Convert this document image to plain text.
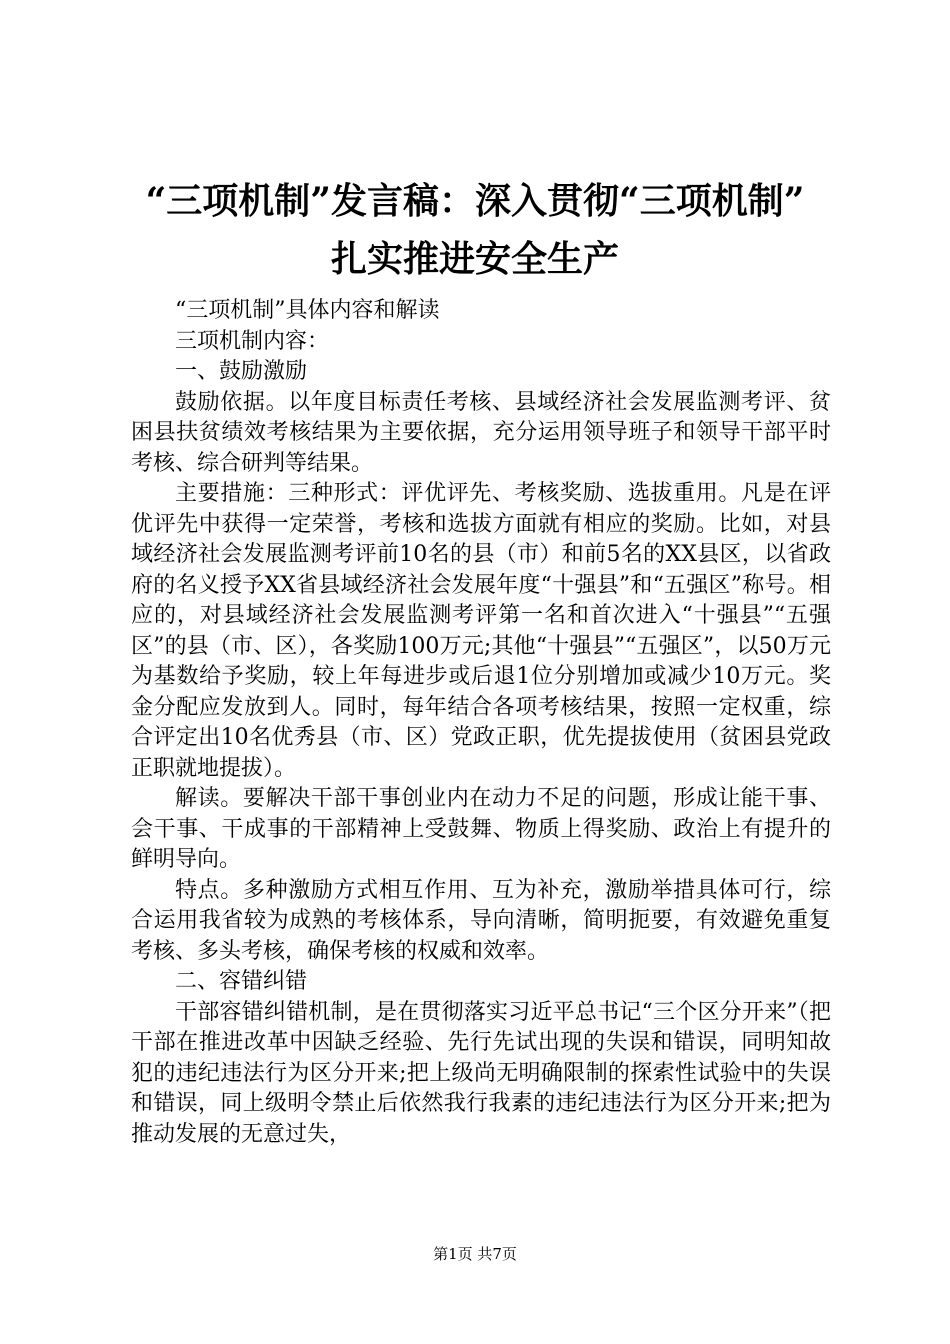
“三项机制”发言稿：深入贯彻“三项机制”
扎实推进安全生产

“三项机制”具体内容和解读

三项机制内容：

一、鼓励激励

鼓励依据。以年度目标责任考核、县域经济社会发展监测考评、贫困县扶贫绩效考核结果为主要依据，充分运用领导班子和领导干部平时考核、综合研判等结果。

主要措施：三种形式：评优评先、考核奖励、选拔重用。凡是在评优评先中获得一定荣誉，考核和选拔方面就有相应的奖励。比如，对县域经济社会发展监测考评前10名的县（市）和前5名的XX县区，以省政府的名义授予XX省县域经济社会发展年度“十强县”和“五强区”称号。相应的，对县域经济社会发展监测考评第一名和首次进入“十强县”“五强区”的县（市、区），各奖励100万元;其他“十强县”“五强区”，以50万元为基数给予奖励，较上年每进步或后退1位分别增加或减少10万元。奖金分配应发放到人。同时，每年结合各项考核结果，按照一定权重，综合评定出10名优秀县（市、区）党政正职，优先提拔使用（贫困县党政正职就地提拔）。

解读。要解决干部干事创业内在动力不足的问题，形成让能干事、会干事、干成事的干部精神上受鼓舞、物质上得奖励、政治上有提升的鲜明导向。

特点。多种激励方式相互作用、互为补充，激励举措具体可行，综合运用我省较为成熟的考核体系，导向清晰，简明扼要，有效避免重复考核、多头考核，确保考核的权威和效率。

二、容错纠错

干部容错纠错机制，是在贯彻落实习近平总书记“三个区分开来”（把干部在推进改革中因缺乏经验、先行先试出现的失误和错误，同明知故犯的违纪违法行为区分开来;把上级尚无明确限制的探索性试验中的失误和错误，同上级明令禁止后依然我行我素的违纪违法行为区分开来;把为推动发展的无意过失，

第1页 共7页
